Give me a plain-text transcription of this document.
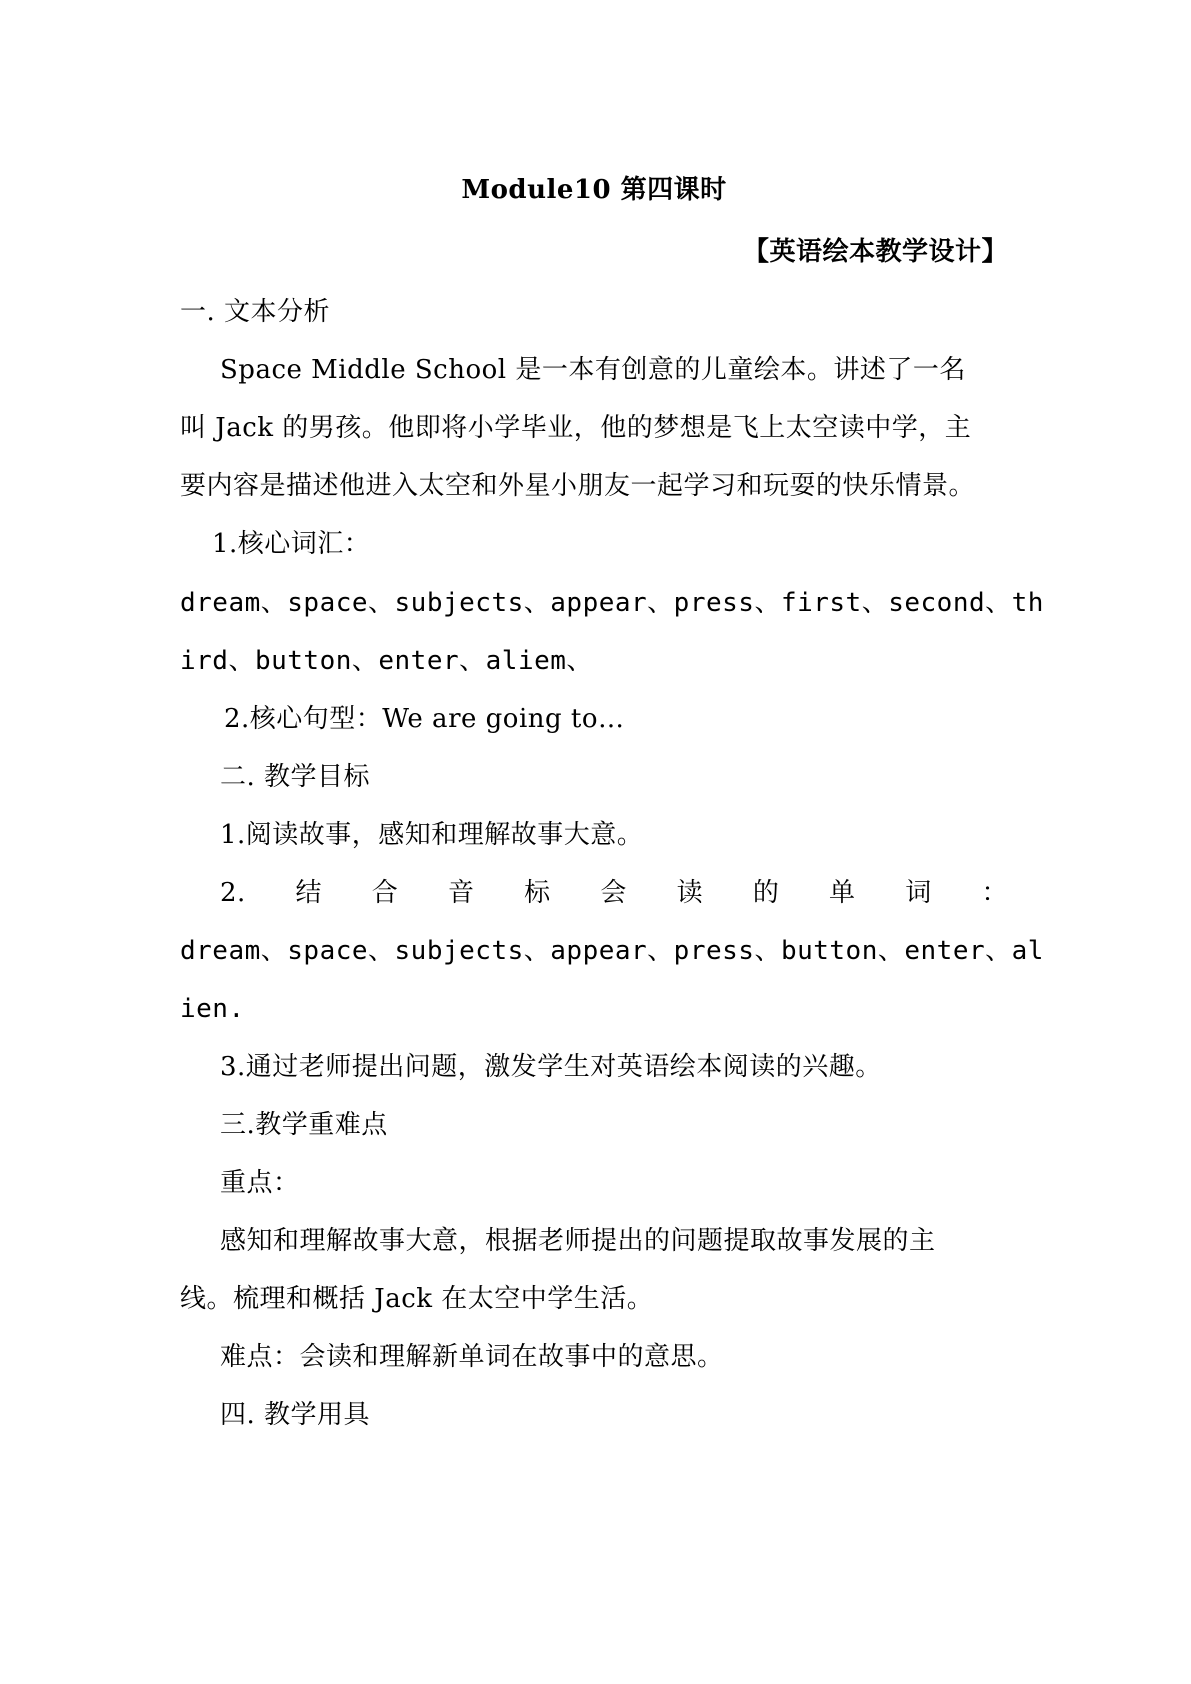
Module10 第四课时
【英语绘本教学设计】
一. 文本分析
Space Middle School 是一本有创意的儿童绘本。讲述了一名
叫 Jack 的男孩。他即将小学毕业，他的梦想是飞上太空读中学，主
要内容是描述他进入太空和外星小朋友一起学习和玩耍的快乐情景。
1.核心词汇：
dream、space、subjects、appear、press、first、second、th
ird、button、enter、aliem、
2.核心句型：We are going to…
二. 教学目标
1.阅读故事，感知和理解故事大意。
2. 结 合 音 标 会 读 的 单 词 ：
dream、space、subjects、appear、press、button、enter、al
ien.
3.通过老师提出问题，激发学生对英语绘本阅读的兴趣。
三.教学重难点
重点：
感知和理解故事大意，根据老师提出的问题提取故事发展的主
线。梳理和概括 Jack 在太空中学生活。
难点：会读和理解新单词在故事中的意思。
四. 教学用具
